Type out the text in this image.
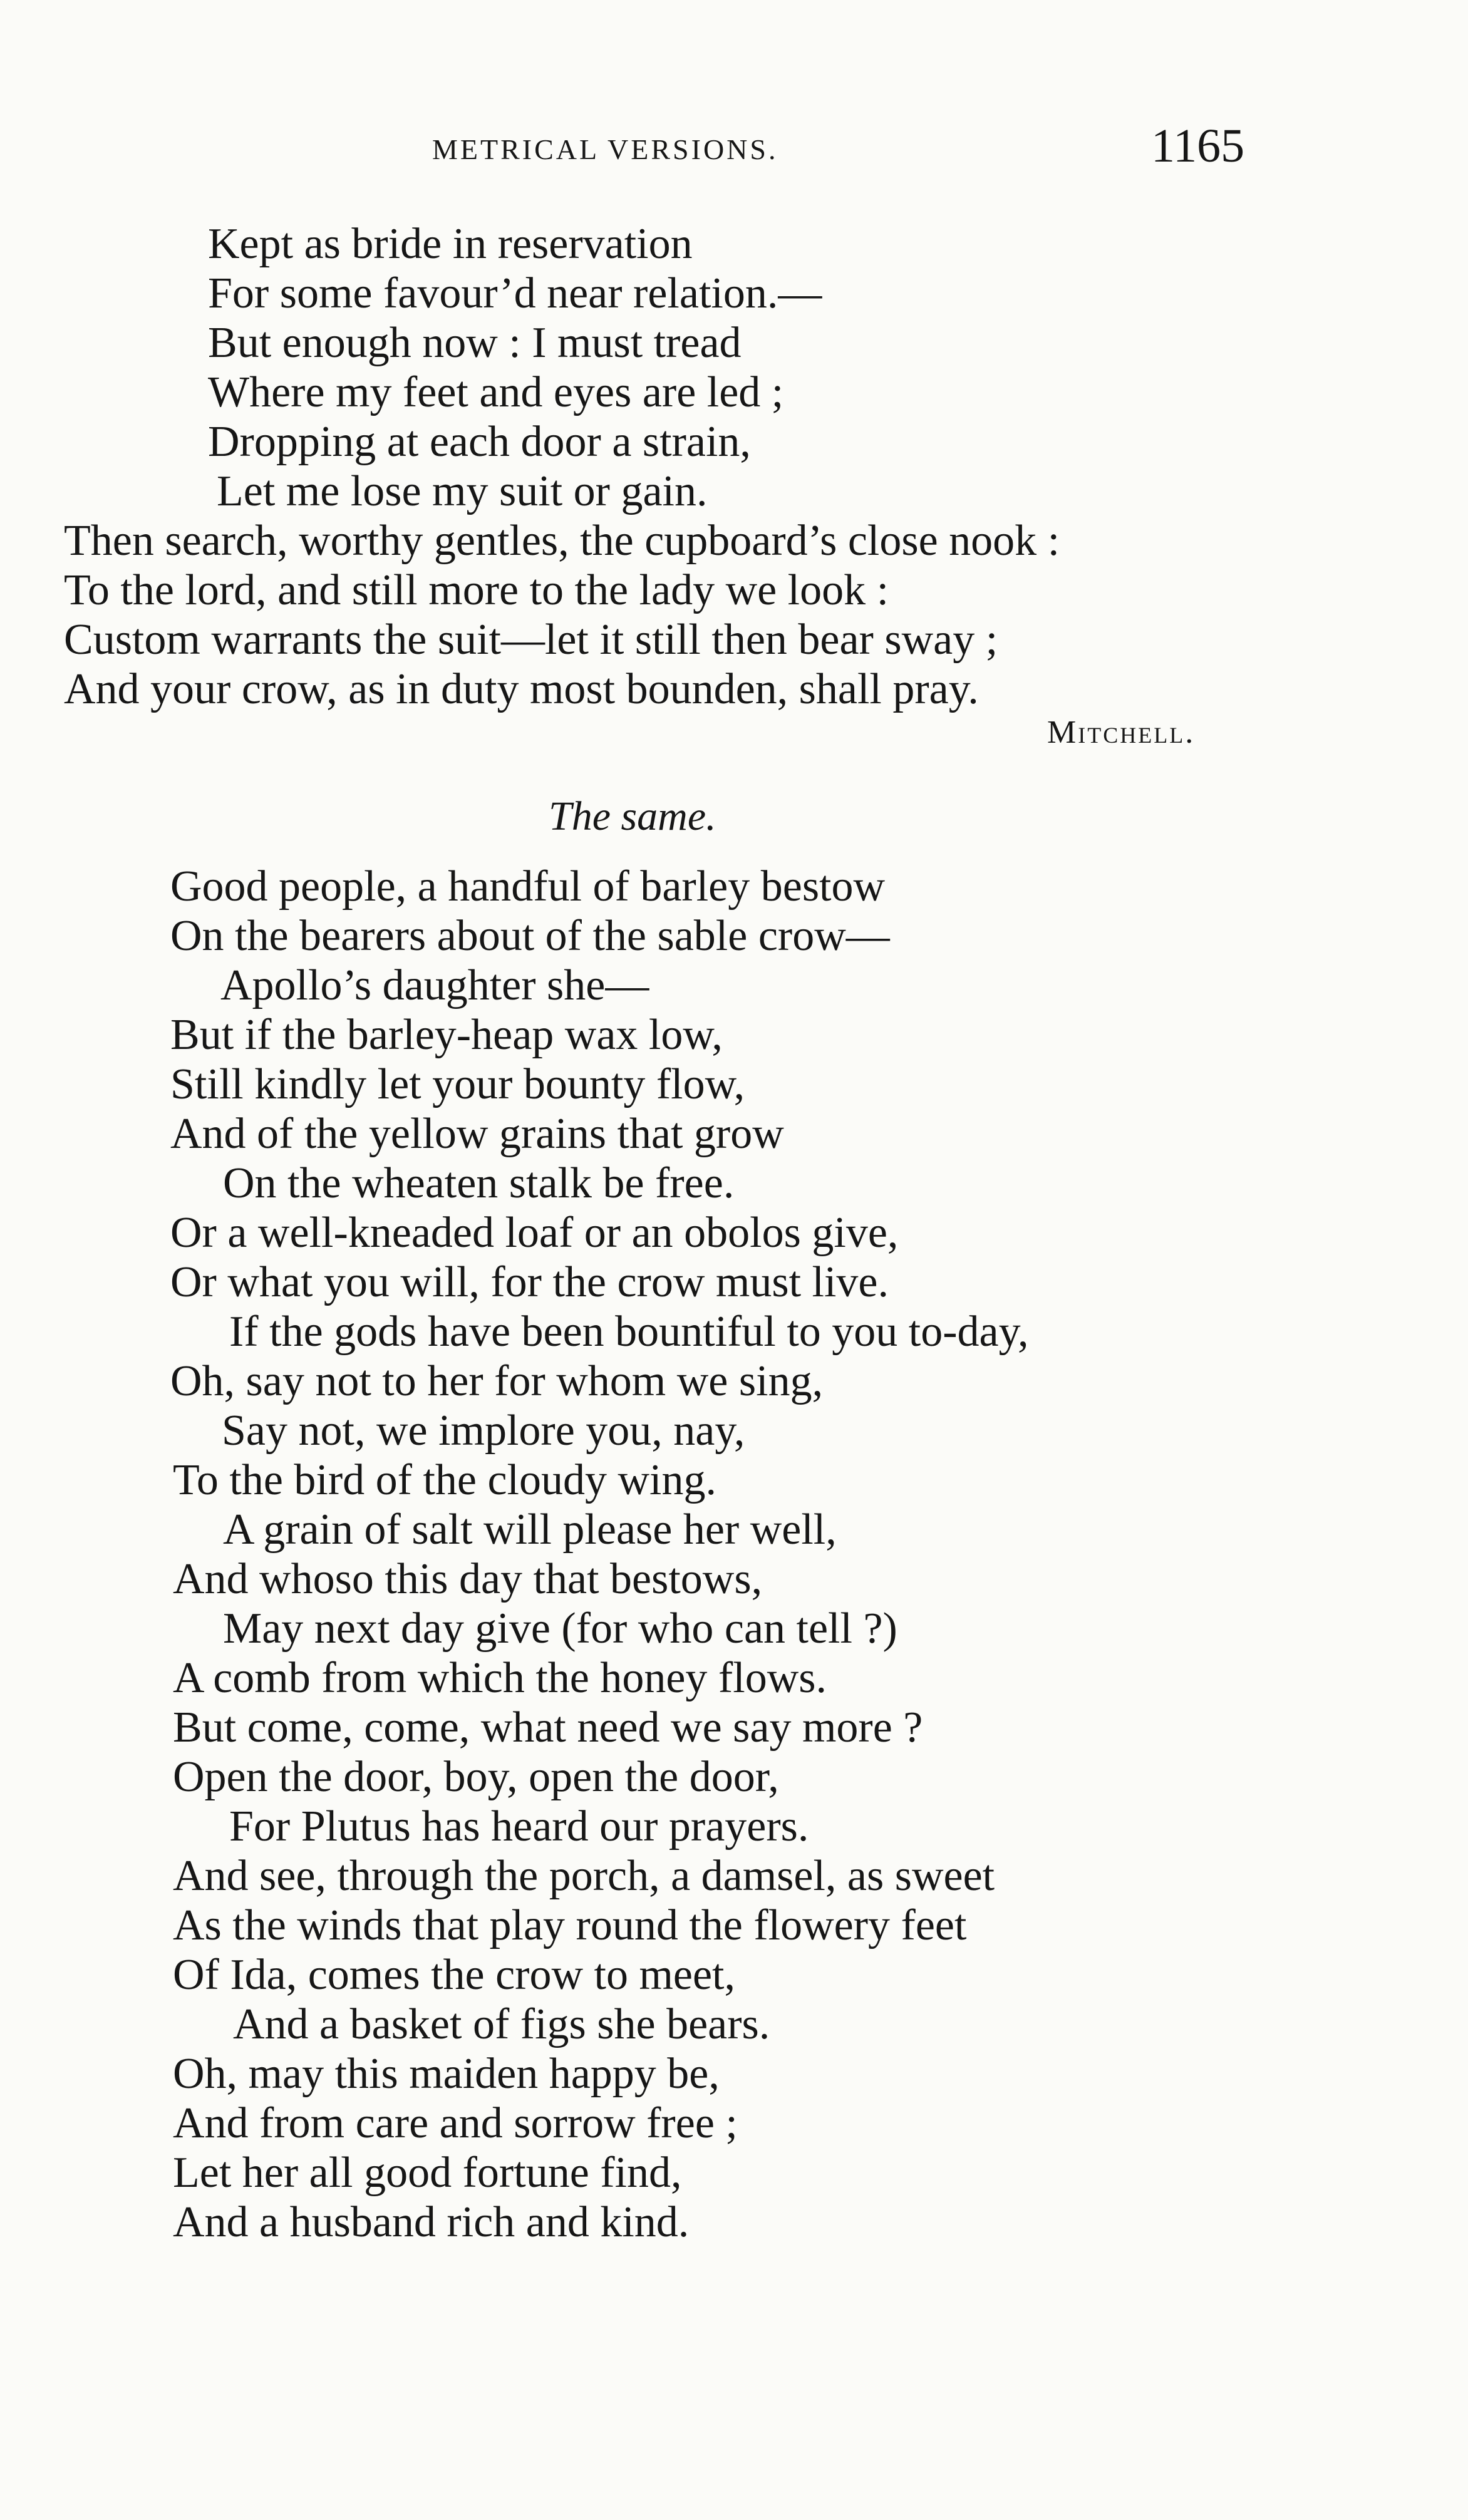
METRICAL VERSIONS.	1165
Kept as bride in reservation
For some favour’d near relation.—
But enough now : I must tread
Where my feet and eyes are led ;
Dropping at each door a strain,
Let me lose my suit or gain.
Then search, worthy gentles, the cupboard’s close nook :
To the lord, and still more to the lady we look :
Custom warrants the suit—let it still then bear sway ;
And your crow, as in duty most bounden, shall pray.
Mitchell.
The same.
Good people, a handful of barley bestow
On the bearers about of the sable crow—
Apollo’s daughter she—
But if the barley-heap wax low,
Still kindly let your bounty flow,
And of the yellow grains that grow
On the wheaten stalk be free.
Or a well-kneaded loaf or an obolos give,
Or what you will, for the crow must live.
If the gods have been bountiful to you to-day,
Oh, say not to her for whom we sing,
Say not, we implore you, nay,
To the bird of the cloudy wing.
A grain of salt will please her well,
And whoso this day that bestows,
May next day give (for who can tell ?)
A comb from which the honey flows.
But come, come, what need we say more ?
Open the door, boy, open the door,
For Plutus has heard our prayers.
And see, through the porch, a damsel, as sweet
As the winds that play round the flowery feet
Of Ida, comes the crow to meet,
And a basket of figs she bears.
Oh, may this maiden happy be,
And from care and sorrow free ;
Let her all good fortune find,
And a husband rich and kind.
